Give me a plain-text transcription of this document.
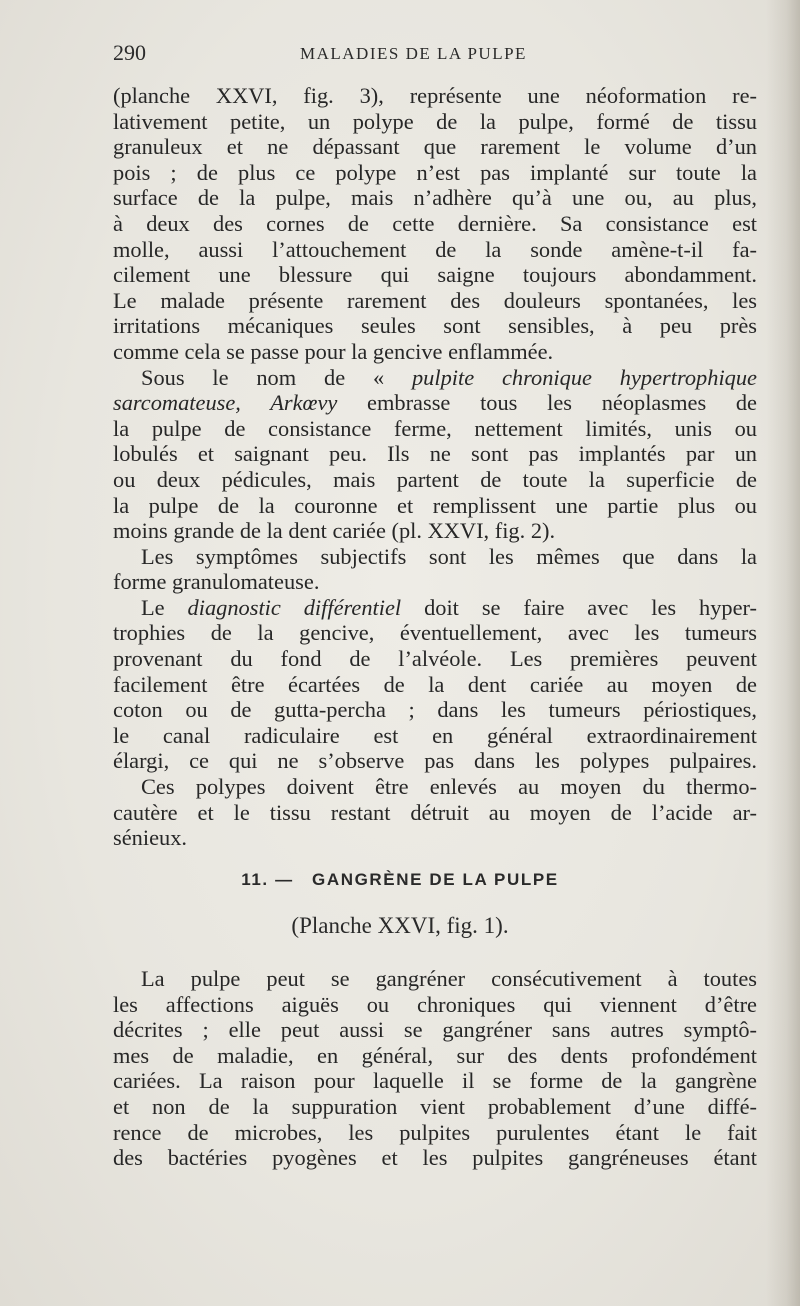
290	MALADIES DE LA PULPE
(planche XXVI, fig. 3), représente une néoformation re-
lativement petite, un polype de la pulpe, formé de tissu
granuleux et ne dépassant que rarement le volume d’un
pois ; de plus ce polype n’est pas implanté sur toute la
surface de la pulpe, mais n’adhère qu’à une ou, au plus,
à deux des cornes de cette dernière. Sa consistance est
molle, aussi l’attouchement de la sonde amène-t-il fa-
cilement une blessure qui saigne toujours abondamment.
Le malade présente rarement des douleurs spontanées, les
irritations mécaniques seules sont sensibles, à peu près
comme cela se passe pour la gencive enflammée.
Sous le nom de « pulpite chronique hypertrophique
sarcomateuse, Arkœvy embrasse tous les néoplasmes de
la pulpe de consistance ferme, nettement limités, unis ou
lobulés et saignant peu. Ils ne sont pas implantés par un
ou deux pédicules, mais partent de toute la superficie de
la pulpe de la couronne et remplissent une partie plus ou
moins grande de la dent cariée (pl. XXVI, fig. 2).
Les symptômes subjectifs sont les mêmes que dans la
forme granulomateuse.
Le diagnostic différentiel doit se faire avec les hyper-
trophies de la gencive, éventuellement, avec les tumeurs
provenant du fond de l’alvéole. Les premières peuvent
facilement être écartées de la dent cariée au moyen de
coton ou de gutta-percha ; dans les tumeurs périostiques,
le canal radiculaire est en général extraordinairement
élargi, ce qui ne s’observe pas dans les polypes pulpaires.
Ces polypes doivent être enlevés au moyen du thermo-
cautère et le tissu restant détruit au moyen de l’acide ar-
sénieux.
11. — GANGRÈNE DE LA PULPE
(Planche XXVI, fig. 1).
La pulpe peut se gangréner consécutivement à toutes
les affections aiguës ou chroniques qui viennent d’être
décrites ; elle peut aussi se gangréner sans autres symptô-
mes de maladie, en général, sur des dents profondément
cariées. La raison pour laquelle il se forme de la gangrène
et non de la suppuration vient probablement d’une diffé-
rence de microbes, les pulpites purulentes étant le fait
des bactéries pyogènes et les pulpites gangréneuses étant
